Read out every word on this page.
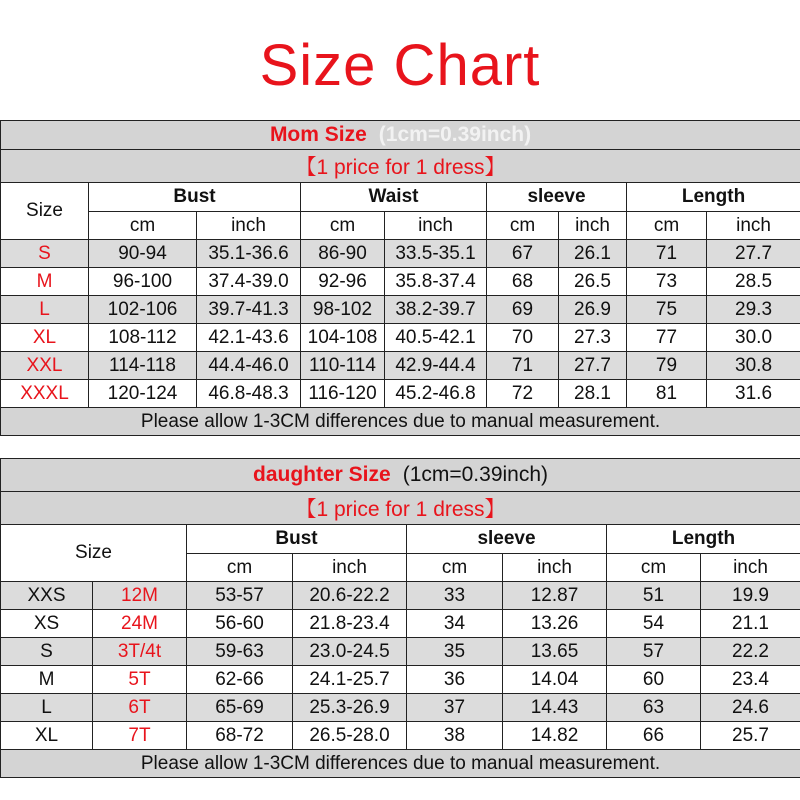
Size Chart
Mom Size (1cm=0.39inch)								
【1 price for 1 dress】								
Size	Bust		Waist		sleeve		Length	
	cm	inch	cm	inch	cm	inch	cm	inch
S	90-94	35.1-36.6	86-90	33.5-35.1	67	26.1	71	27.7
M	96-100	37.4-39.0	92-96	35.8-37.4	68	26.5	73	28.5
L	102-106	39.7-41.3	98-102	38.2-39.7	69	26.9	75	29.3
XL	108-112	42.1-43.6	104-108	40.5-42.1	70	27.3	77	30.0
XXL	114-118	44.4-46.0	110-114	42.9-44.4	71	27.7	79	30.8
XXXL	120-124	46.8-48.3	116-120	45.2-46.8	72	28.1	81	31.6
Please allow 1-3CM differences due to manual measurement.								
daughter Size (1cm=0.39inch)							
【1 price for 1 dress】							
Size		Bust		sleeve		Length	
		cm	inch	cm	inch	cm	inch
XXS	12M	53-57	20.6-22.2	33	12.87	51	19.9
XS	24M	56-60	21.8-23.4	34	13.26	54	21.1
S	3T/4t	59-63	23.0-24.5	35	13.65	57	22.2
M	5T	62-66	24.1-25.7	36	14.04	60	23.4
L	6T	65-69	25.3-26.9	37	14.43	63	24.6
XL	7T	68-72	26.5-28.0	38	14.82	66	25.7
Please allow 1-3CM differences due to manual measurement.							
